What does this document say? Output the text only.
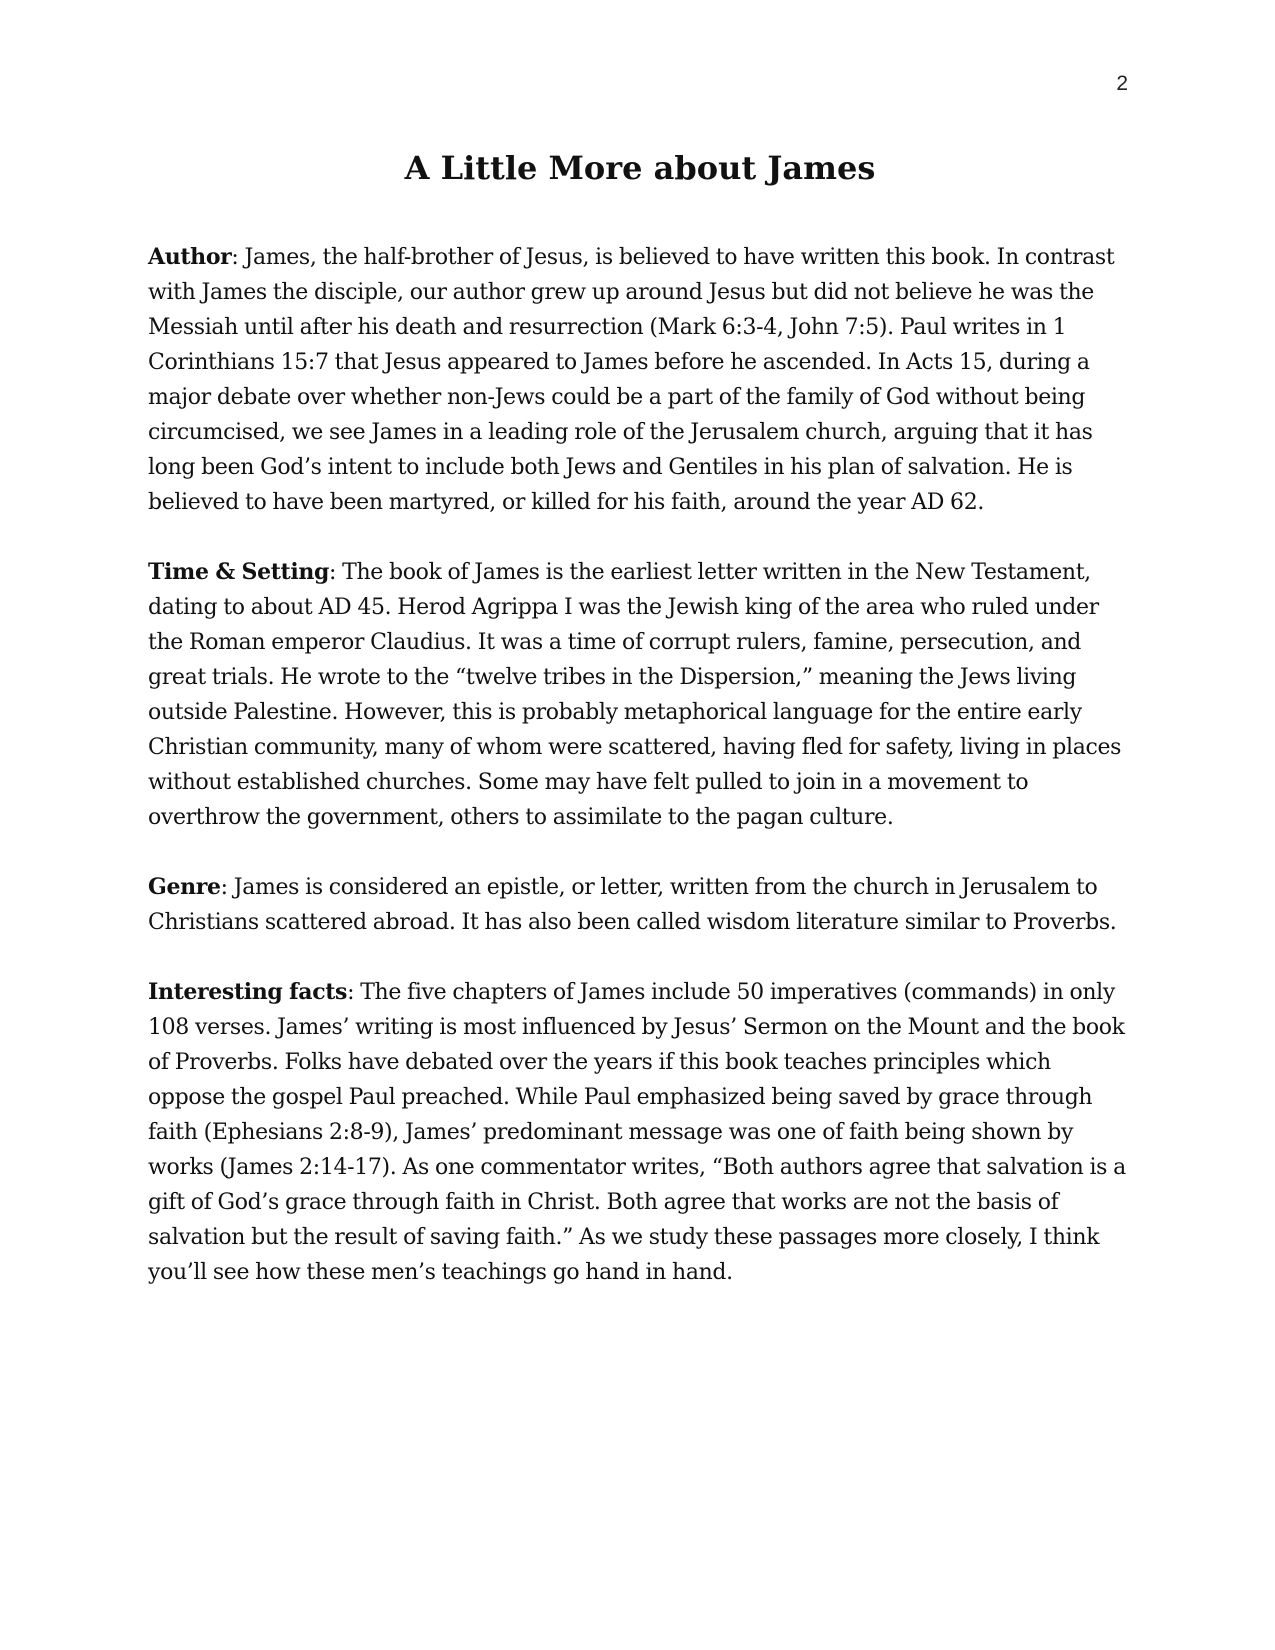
2
A Little More about James

Author: James, the half-brother of Jesus, is believed to have written this book. In contrast with James the disciple, our author grew up around Jesus but did not believe he was the Messiah until after his death and resurrection (Mark 6:3-4, John 7:5). Paul writes in 1 Corinthians 15:7 that Jesus appeared to James before he ascended. In Acts 15, during a major debate over whether non-Jews could be a part of the family of God without being circumcised, we see James in a leading role of the Jerusalem church, arguing that it has long been God’s intent to include both Jews and Gentiles in his plan of salvation. He is believed to have been martyred, or killed for his faith, around the year AD 62.

Time & Setting: The book of James is the earliest letter written in the New Testament, dating to about AD 45. Herod Agrippa I was the Jewish king of the area who ruled under the Roman emperor Claudius. It was a time of corrupt rulers, famine, persecution, and great trials. He wrote to the “twelve tribes in the Dispersion,” meaning the Jews living outside Palestine. However, this is probably metaphorical language for the entire early Christian community, many of whom were scattered, having fled for safety, living in places without established churches. Some may have felt pulled to join in a movement to overthrow the government, others to assimilate to the pagan culture.

Genre: James is considered an epistle, or letter, written from the church in Jerusalem to Christians scattered abroad. It has also been called wisdom literature similar to Proverbs.

Interesting facts: The five chapters of James include 50 imperatives (commands) in only 108 verses. James’ writing is most influenced by Jesus’ Sermon on the Mount and the book of Proverbs. Folks have debated over the years if this book teaches principles which oppose the gospel Paul preached. While Paul emphasized being saved by grace through faith (Ephesians 2:8-9), James’ predominant message was one of faith being shown by works (James 2:14-17). As one commentator writes, “Both authors agree that salvation is a gift of God’s grace through faith in Christ. Both agree that works are not the basis of salvation but the result of saving faith.” As we study these passages more closely, I think you’ll see how these men’s teachings go hand in hand.
